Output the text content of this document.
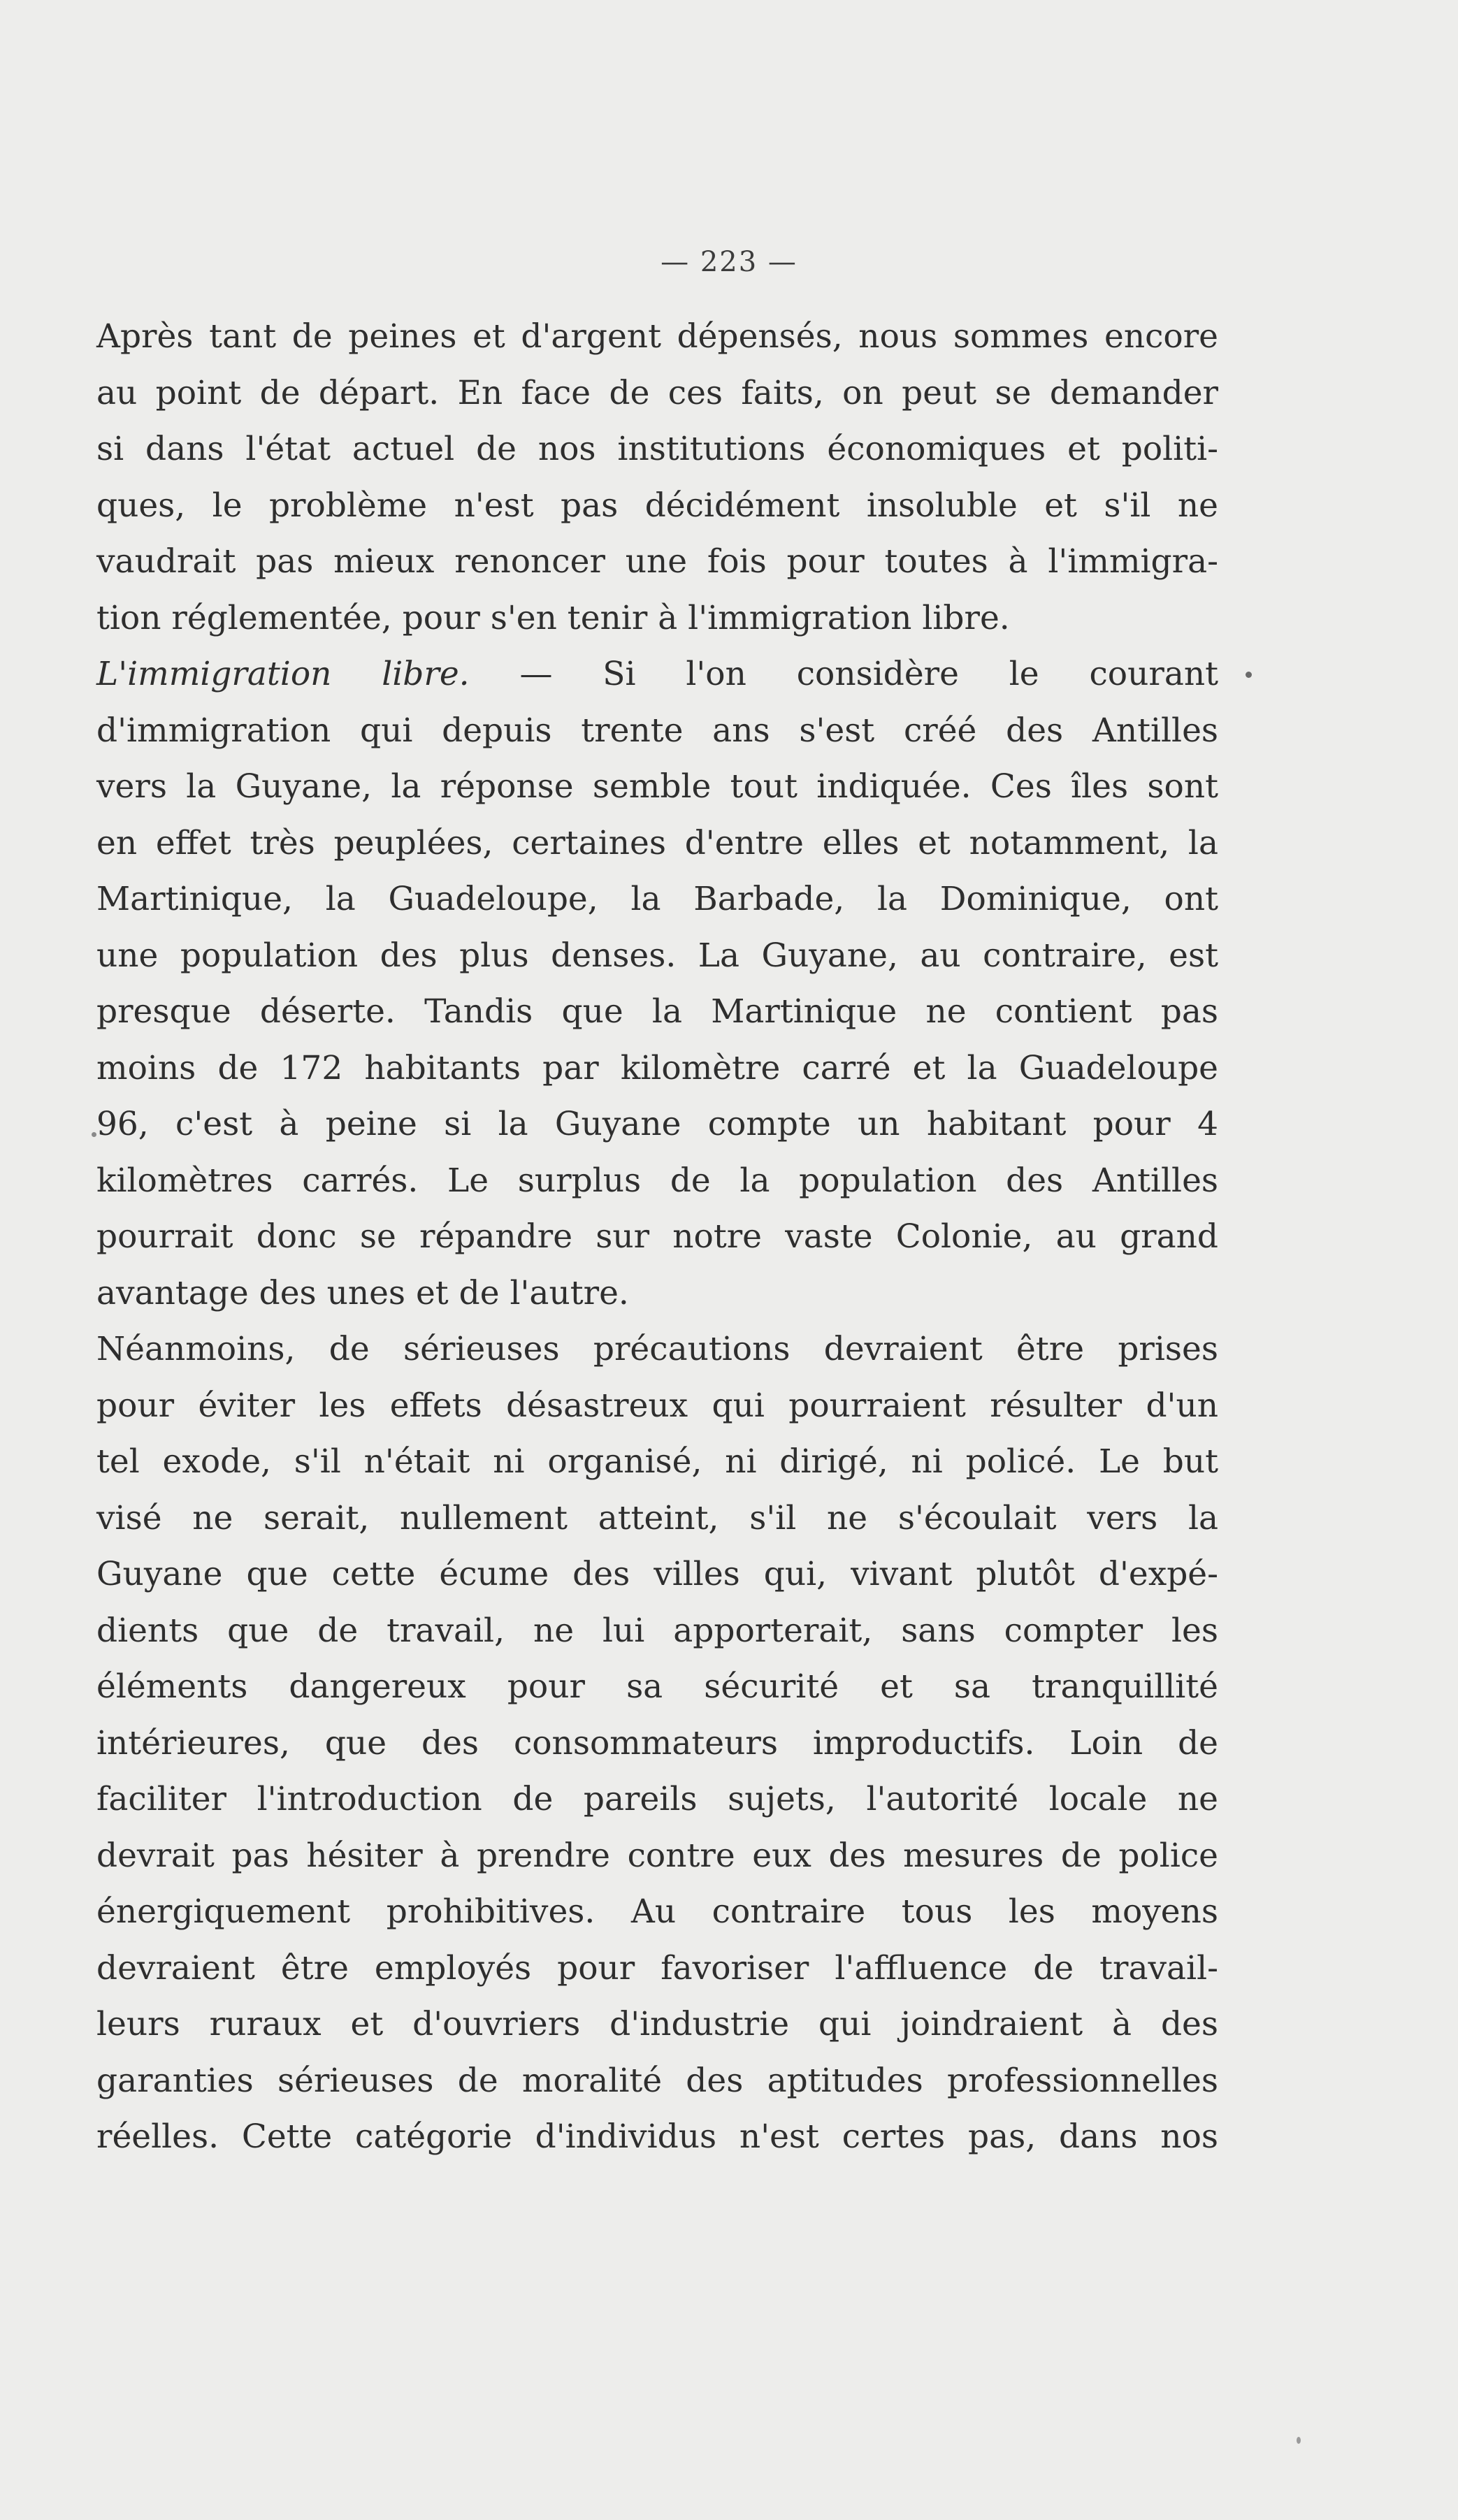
— 223 —
Après tant de peines et d'argent dépensés, nous sommes encore
au point de départ. En face de ces faits, on peut se demander
si dans l'état actuel de nos institutions économiques et politi-
ques, le problème n'est pas décidément insoluble et s'il ne
vaudrait pas mieux renoncer une fois pour toutes à l'immigra-
tion réglementée, pour s'en tenir à l'immigration libre.
L'immigration libre. — Si l'on considère le courant
d'immigration qui depuis trente ans s'est créé des Antilles
vers la Guyane, la réponse semble tout indiquée. Ces îles sont
en effet très peuplées, certaines d'entre elles et notamment, la
Martinique, la Guadeloupe, la Barbade, la Dominique, ont
une population des plus denses. La Guyane, au contraire, est
presque déserte. Tandis que la Martinique ne contient pas
moins de 172 habitants par kilomètre carré et la Guadeloupe
96, c'est à peine si la Guyane compte un habitant pour 4
kilomètres carrés. Le surplus de la population des Antilles
pourrait donc se répandre sur notre vaste Colonie, au grand
avantage des unes et de l'autre.
Néanmoins, de sérieuses précautions devraient être prises
pour éviter les effets désastreux qui pourraient résulter d'un
tel exode, s'il n'était ni organisé, ni dirigé, ni policé. Le but
visé ne serait, nullement atteint, s'il ne s'écoulait vers la
Guyane que cette écume des villes qui, vivant plutôt d'expé-
dients que de travail, ne lui apporterait, sans compter les
éléments dangereux pour sa sécurité et sa tranquillité
intérieures, que des consommateurs improductifs. Loin de
faciliter l'introduction de pareils sujets, l'autorité locale ne
devrait pas hésiter à prendre contre eux des mesures de police
énergiquement prohibitives. Au contraire tous les moyens
devraient être employés pour favoriser l'affluence de travail-
leurs ruraux et d'ouvriers d'industrie qui joindraient à des
garanties sérieuses de moralité des aptitudes professionnelles
réelles. Cette catégorie d'individus n'est certes pas, dans nos
